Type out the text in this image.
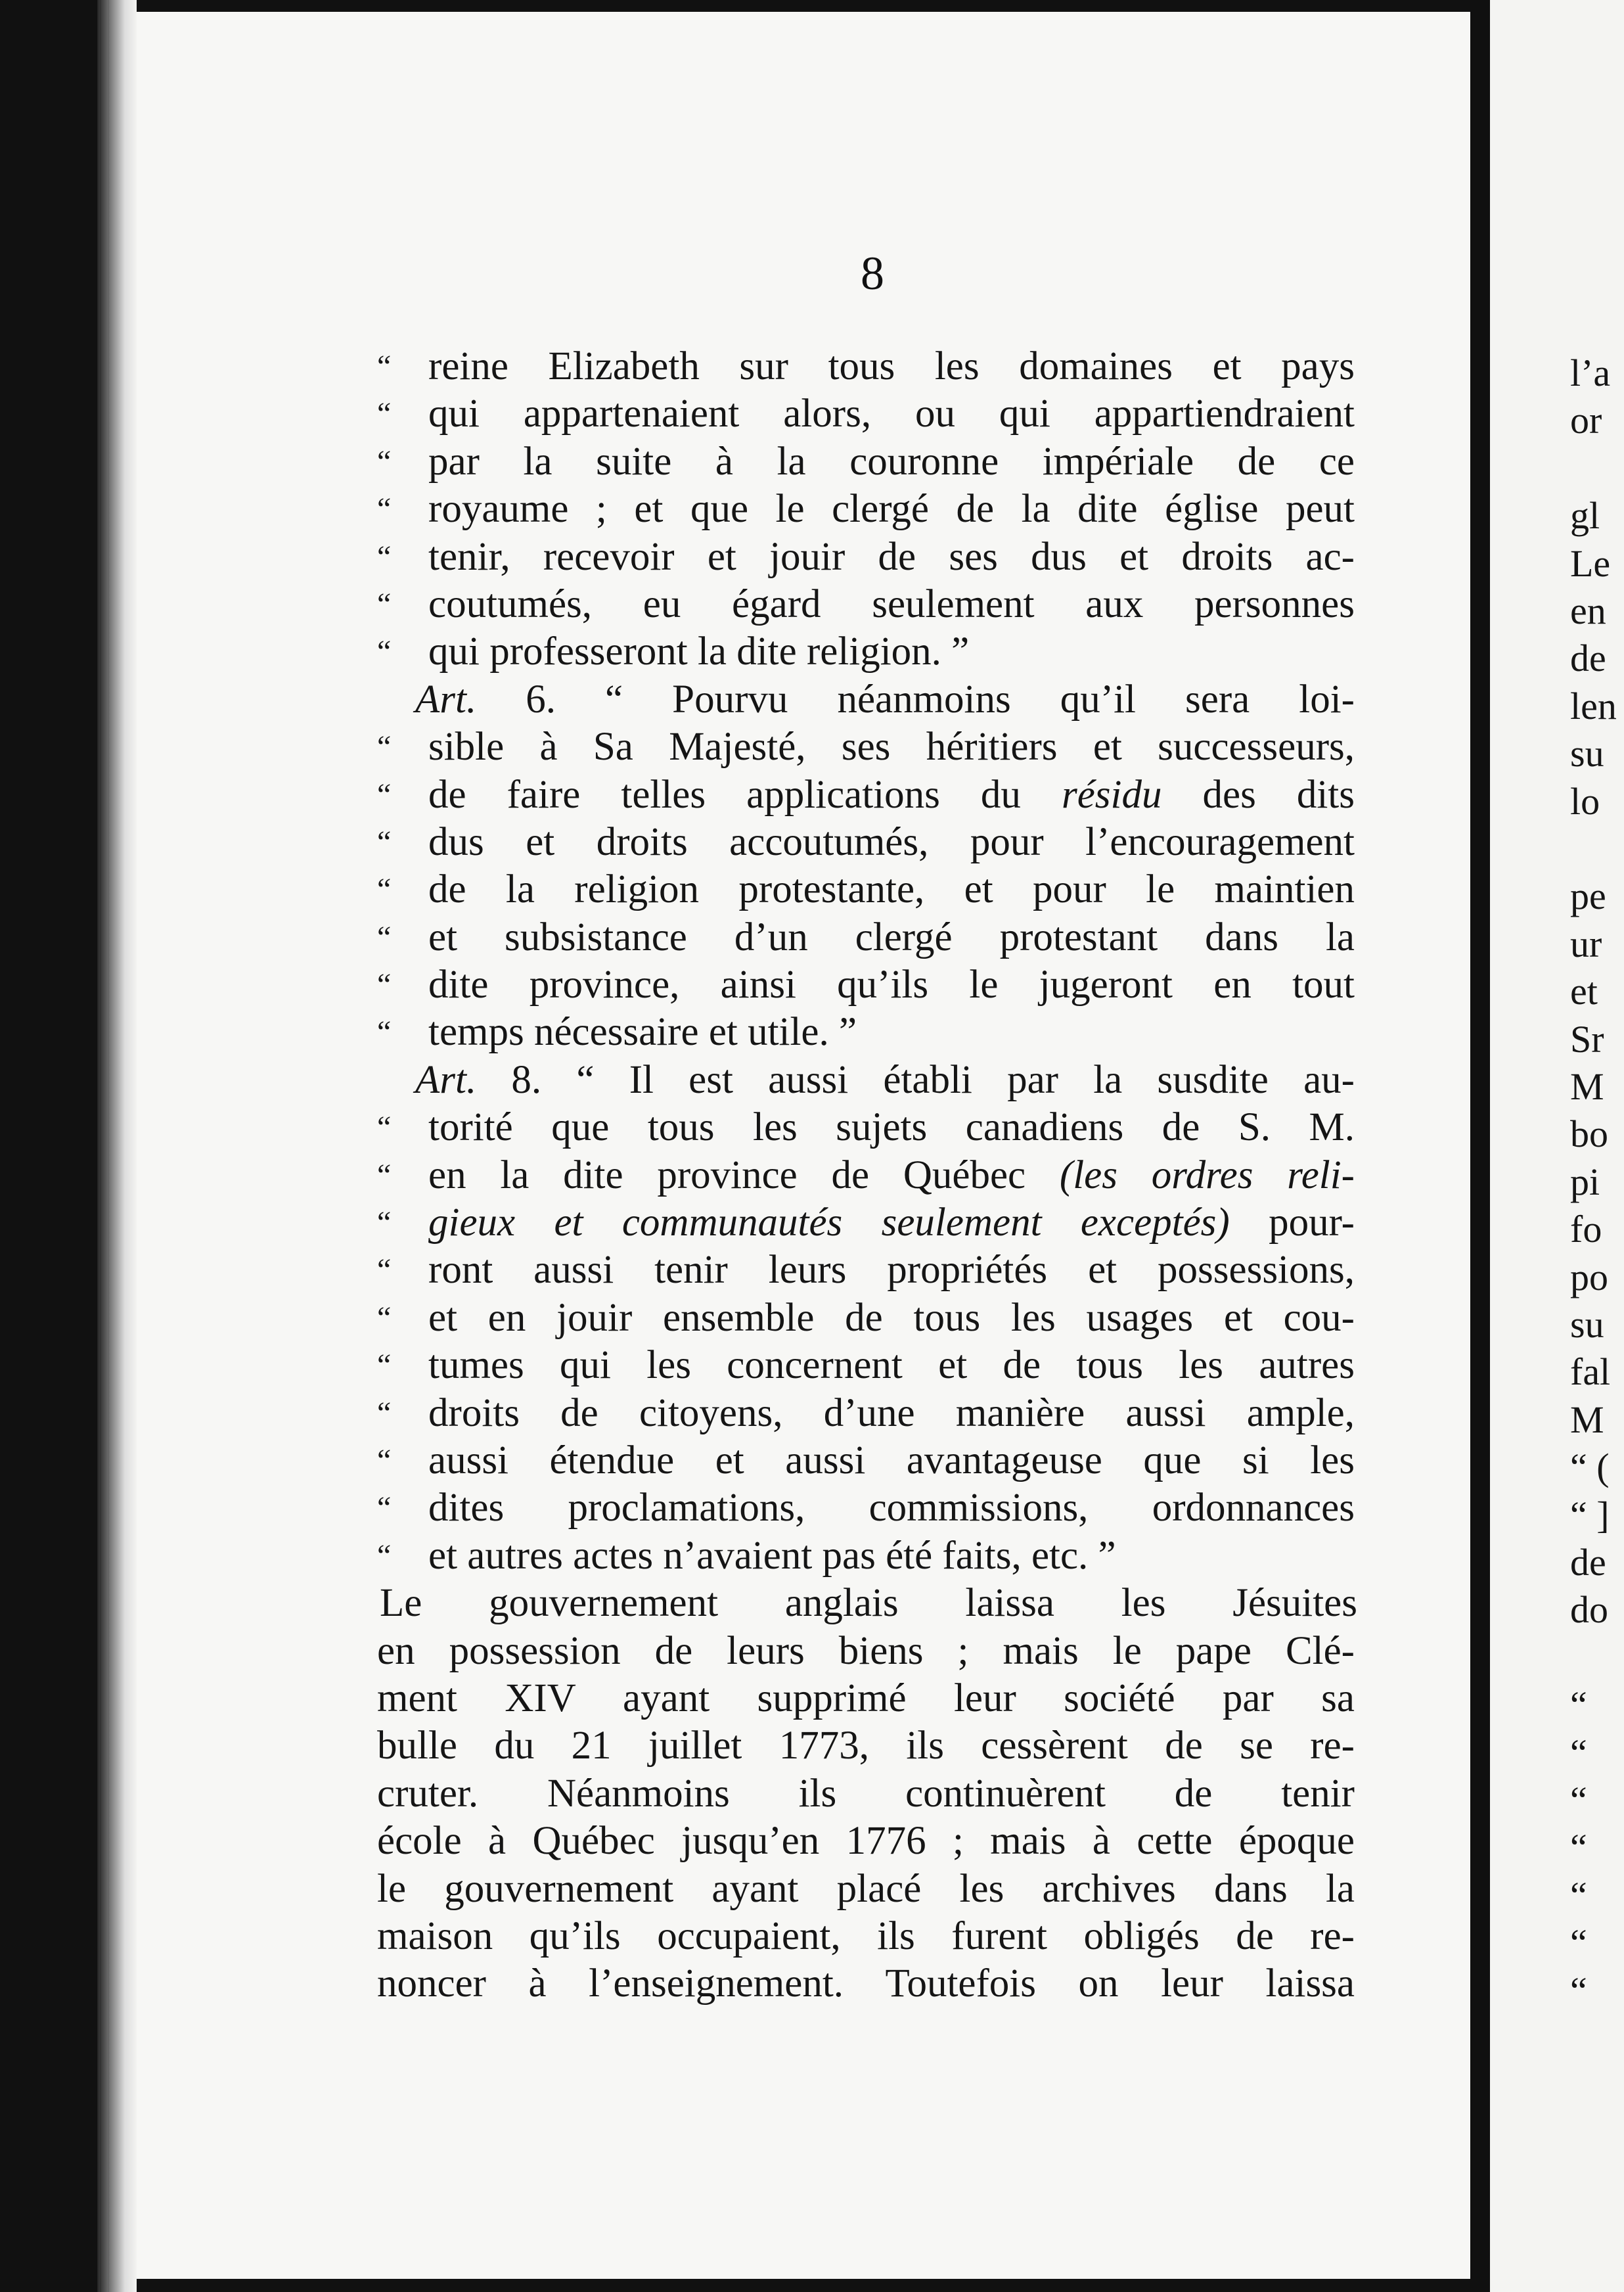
8
“ reine Elizabeth sur tous les domaines et pays
“ qui appartenaient alors, ou qui appartiendraient
“ par la suite à la couronne impériale de ce
“ royaume ; et que le clergé de la dite église peut
“ tenir, recevoir et jouir de ses dus et droits ac-
“ coutumés, eu égard seulement aux personnes
“ qui professeront la dite religion. ”
Art. 6. “ Pourvu néanmoins qu’il sera loi-
“ sible à Sa Majesté, ses héritiers et successeurs,
“ de faire telles applications du résidu des dits
“ dus et droits accoutumés, pour l’encouragement
“ de la religion protestante, et pour le maintien
“ et subsistance d’un clergé protestant dans la
“ dite province, ainsi qu’ils le jugeront en tout
“ temps nécessaire et utile. ”
Art. 8. “ Il est aussi établi par la susdite au-
“ torité que tous les sujets canadiens de S. M.
“ en la dite province de Québec (les ordres reli-
“ gieux et communautés seulement exceptés) pour-
“ ront aussi tenir leurs propriétés et possessions,
“ et en jouir ensemble de tous les usages et cou-
“ tumes qui les concernent et de tous les autres
“ droits de citoyens, d’une manière aussi ample,
“ aussi étendue et aussi avantageuse que si les
“ dites proclamations, commissions, ordonnances
“ et autres actes n’avaient pas été faits, etc. ”
Le gouvernement anglais laissa les Jésuites
en possession de leurs biens ; mais le pape Clé-
ment XIV ayant supprimé leur société par sa
bulle du 21 juillet 1773, ils cessèrent de se re-
cruter. Néanmoins ils continuèrent de tenir
école à Québec jusqu’en 1776 ; mais à cette époque
le gouvernement ayant placé les archives dans la
maison qu’ils occupaient, ils furent obligés de re-
noncer à l’enseignement. Toutefois on leur laissa
l’a
or
gl
Le
en
de
len
su
lo
pe
ur
et
Sr
M
bo
pi
fo
po
su
fal
M
“ (
“ ]
de
do
“
“
“
“
“
“
“
